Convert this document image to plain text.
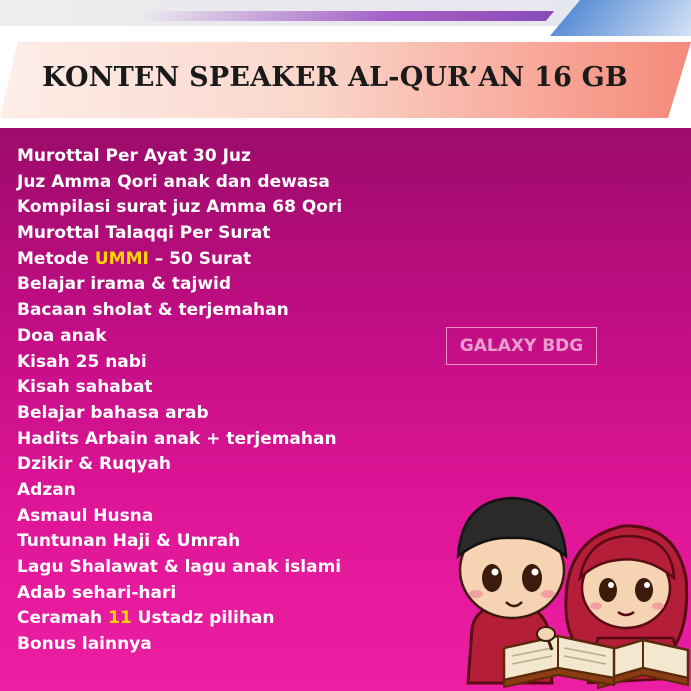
KONTEN SPEAKER AL-QUR’AN 16 GB
Murottal Per Ayat 30 Juz
Juz Amma Qori anak dan dewasa
Kompilasi surat juz Amma 68 Qori
Murottal Talaqqi Per Surat
Metode UMMI – 50 Surat
Belajar irama & tajwid
Bacaan sholat & terjemahan
Doa anak
Kisah 25 nabi
Kisah sahabat
Belajar bahasa arab
Hadits Arbain anak + terjemahan
Dzikir & Ruqyah
Adzan
Asmaul Husna
Tuntunan Haji & Umrah
Lagu Shalawat & lagu anak islami
Adab sehari-hari
Ceramah 11 Ustadz pilihan
Bonus lainnya
GALAXY BDG
